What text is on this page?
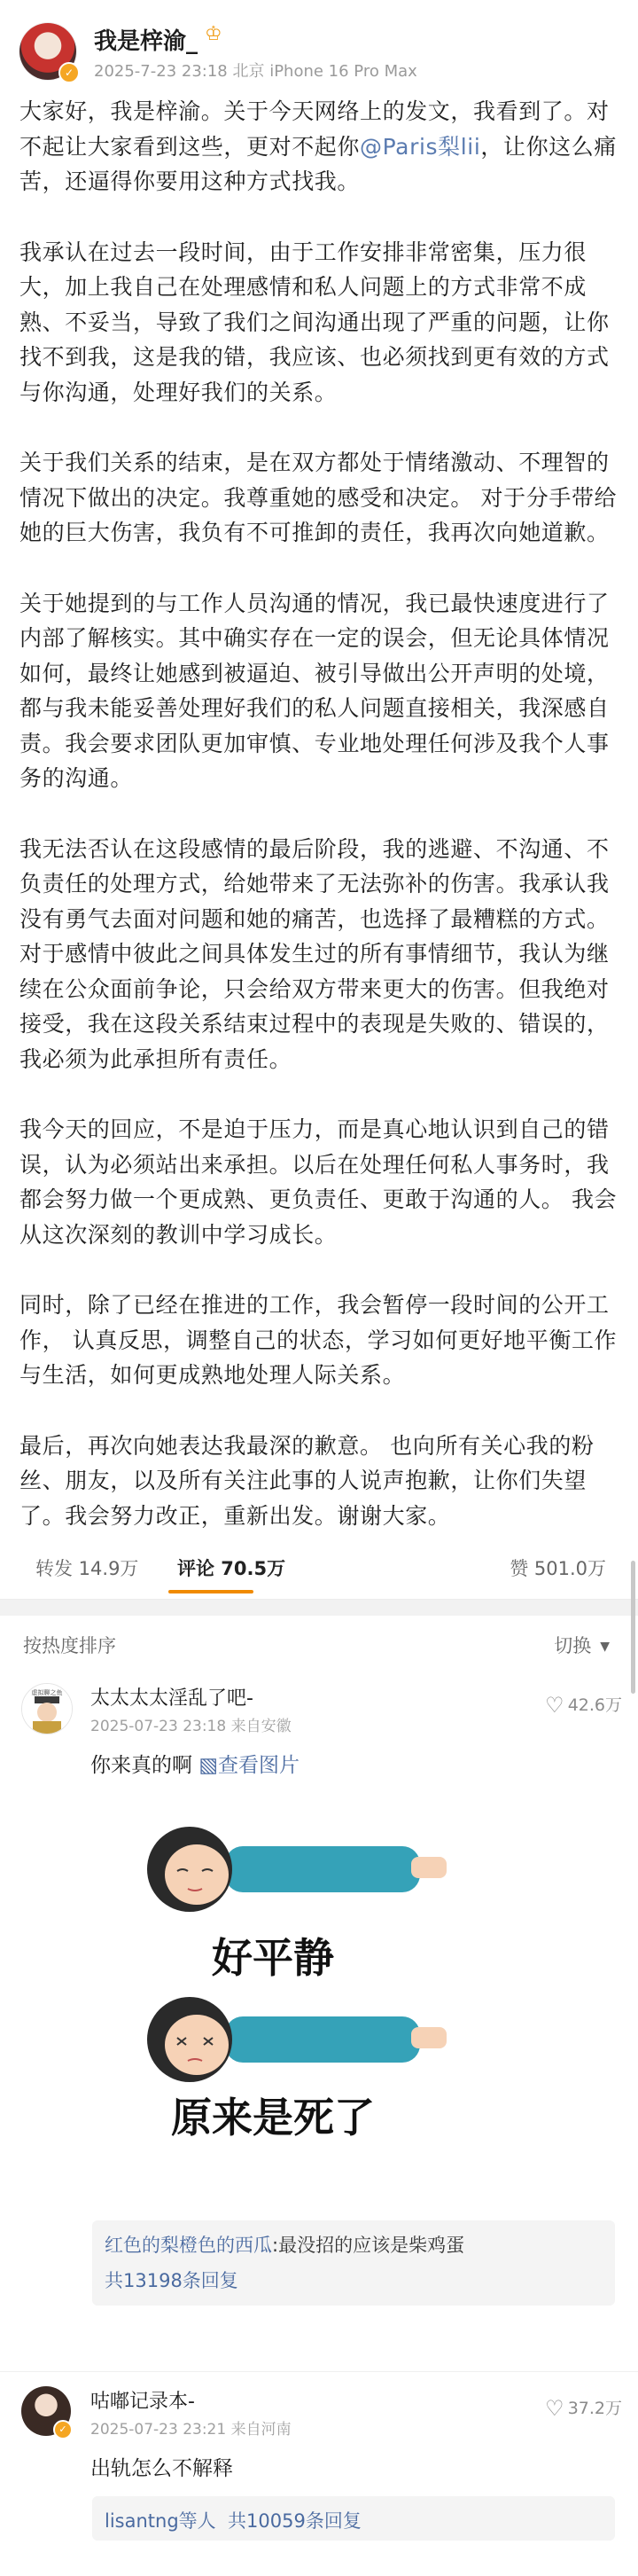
✓
我是梓渝_ ♔
2025-7-23 23:18 北京 iPhone 16 Pro Max

大家好，我是梓渝。关于今天网络上的发文，我看到了。对不起让大家看到这些，更对不起你@Paris梨lii，让你这么痛苦，还逼得你要用这种方式找我。

我承认在过去一段时间，由于工作安排非常密集，压力很大，加上我自己在处理感情和私人问题上的方式非常不成熟、不妥当，导致了我们之间沟通出现了严重的问题，让你找不到我，这是我的错，我应该、也必须找到更有效的方式与你沟通，处理好我们的关系。

关于我们关系的结束，是在双方都处于情绪激动、不理智的情况下做出的决定。我尊重她的感受和决定。 对于分手带给她的巨大伤害，我负有不可推卸的责任，我再次向她道歉。

关于她提到的与工作人员沟通的情况，我已最快速度进行了内部了解核实。其中确实存在一定的误会，但无论具体情况如何，最终让她感到被逼迫、被引导做出公开声明的处境，都与我未能妥善处理好我们的私人问题直接相关，我深感自责。我会要求团队更加审慎、专业地处理任何涉及我个人事务的沟通。

我无法否认在这段感情的最后阶段，我的逃避、不沟通、不负责任的处理方式，给她带来了无法弥补的伤害。我承认我没有勇气去面对问题和她的痛苦，也选择了最糟糕的方式。 对于感情中彼此之间具体发生过的所有事情细节，我认为继续在公众面前争论，只会给双方带来更大的伤害。但我绝对接受，我在这段关系结束过程中的表现是失败的、错误的，我必须为此承担所有责任。

我今天的回应，不是迫于压力，而是真心地认识到自己的错误，认为必须站出来承担。以后在处理任何私人事务时，我都会努力做一个更成熟、更负责任、更敢于沟通的人。 我会从这次深刻的教训中学习成长。

同时，除了已经在推进的工作，我会暂停一段时间的公开工作， 认真反思，调整自己的状态，学习如何更好地平衡工作与生活，如何更成熟地处理人际关系。

最后，再次向她表达我最深的歉意。 也向所有关心我的粉丝、朋友，以及所有关注此事的人说声抱歉，让你们失望了。我会努力改正，重新出发。谢谢大家。

转发 14.9万 评论 70.5万	赞 501.0万
按热度排序	切换 ▼
虚拟聊之鱼 太太太太淫乱了吧-
2025-07-23 23:18 来自安徽
♡ 42.6万
你来真的啊 ▧查看图片
好平静
原来是死了
红色的梨橙色的西瓜:最没招的应该是柴鸡蛋
共13198条回复
✓
咕嘟记录本-
2025-07-23 23:21 来自河南
♡ 37.2万
出轨怎么不解释
lisantng等人 共10059条回复
